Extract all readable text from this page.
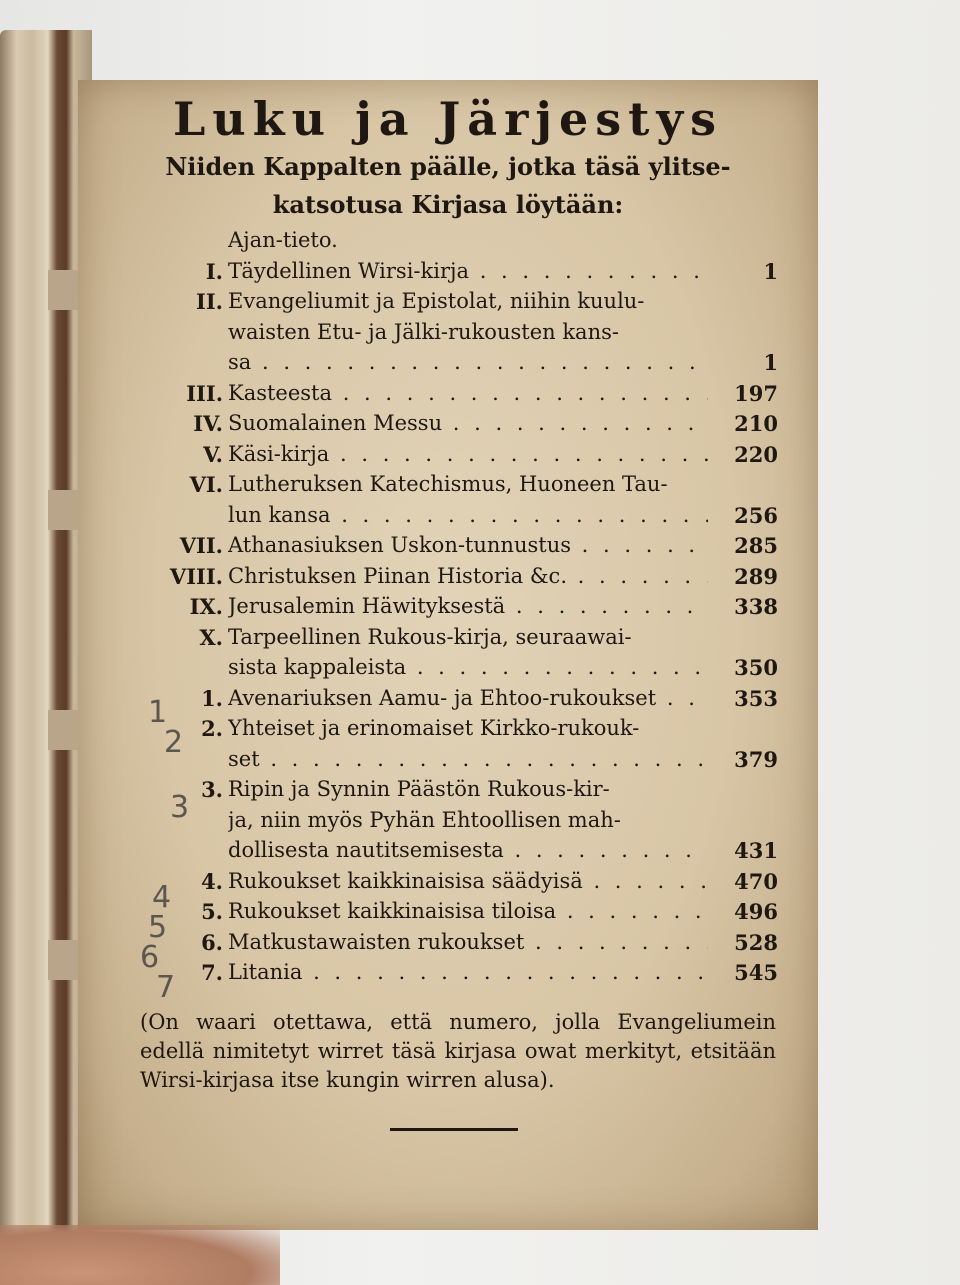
Luku ja Järjestys
Niiden Kappalten päälle, jotka täsä ylitse-katsotusa Kirjasa löytään:
Ajan-tieto.
I. Täydellinen Wirsi-kirja . . .	1
II. Evangeliumit ja Epistolat, niihin kuulu-
waisten Etu- ja Jälki-rukousten kans-
sa . . .	1
III. Kasteesta . . .	197
IV. Suomalainen Messu . . .	210
V. Käsi-kirja . . .	220
VI. Lutheruksen Katechismus, Huoneen Tau-
lun kansa . . .	256
VII. Athanasiuksen Uskon-tunnustus . . .	285
VIII. Christuksen Piinan Historia &c. . . .	289
IX. Jerusalemin Häwityksestä . . .	338
X. Tarpeellinen Rukous-kirja, seuraawai-
sista kappaleista . . .	350
1. Avenariuksen Aamu- ja Ehtoo-rukoukset . . .	353
2. Yhteiset ja erinomaiset Kirkko-rukouk-
set . . .	379
3. Ripin ja Synnin Päästön Rukous-kir-
ja, niin myös Pyhän Ehtoollisen mah-
dollisesta nautitsemisesta . . .	431
4. Rukoukset kaikkinaisisa säädyisä . . .	470
5. Rukoukset kaikkinaisisa tiloisa . . .	496
6. Matkustawaisten rukoukset . . .	528
7. Litania . . .	545
(On waari otettawa, että numero, jolla Evangeliumein edellä nimitetyt wirret täsä kirjasa owat merkityt, etsitään Wirsi-kirjasa itse kungin wirren alusa).
1
2
3
4
5
6
7
